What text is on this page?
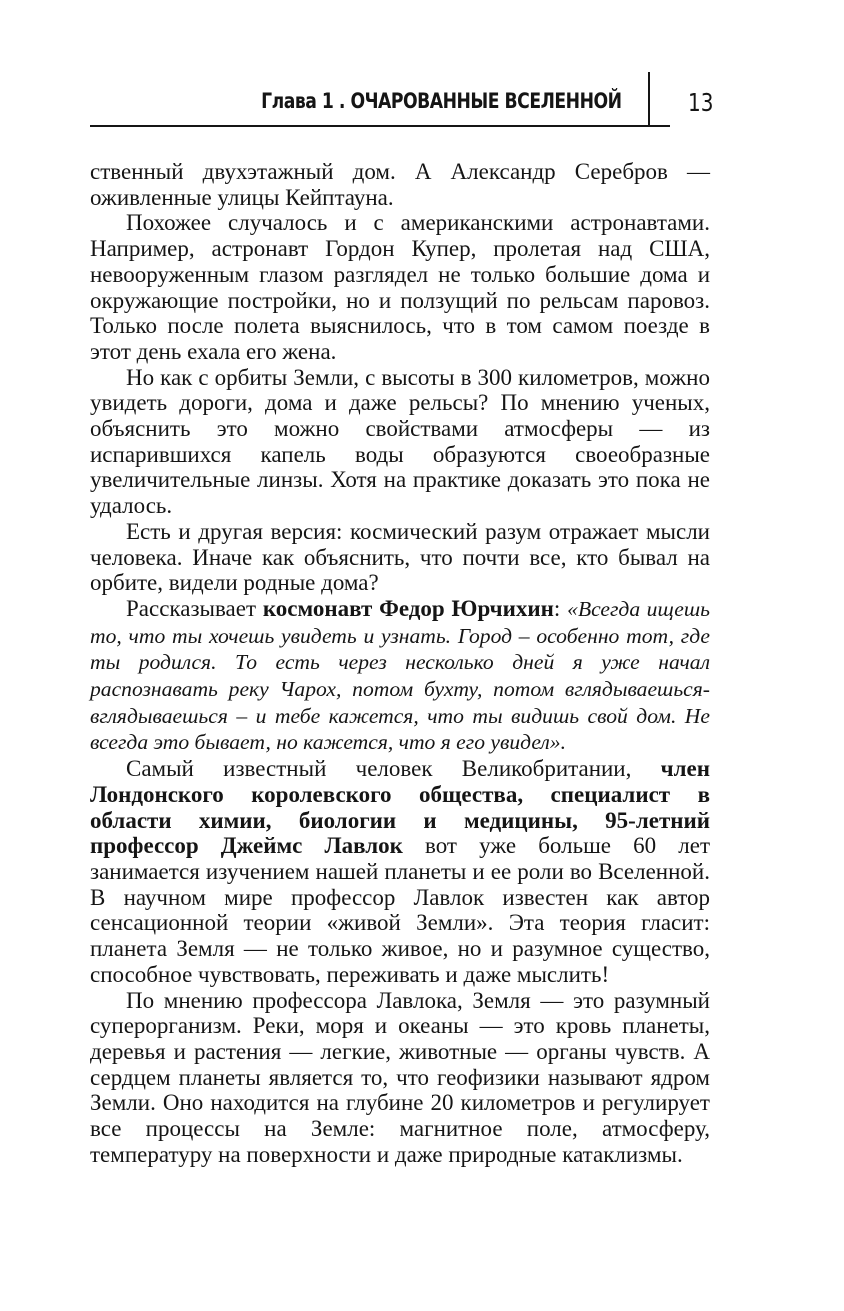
Глава 1 . ОЧАРОВАННЫЕ ВСЕЛЕННОЙ	13

ственный двухэтажный дом. А Александр Серебров — оживленные улицы Кейптауна.

Похожее случалось и с американскими астронавтами. Например, астронавт Гордон Купер, пролетая над США, невооруженным глазом разглядел не только большие дома и окружающие постройки, но и ползущий по рельсам паровоз. Только после полета выяснилось, что в том самом поезде в этот день ехала его жена.

Но как с орбиты Земли, с высоты в 300 километров, можно увидеть дороги, дома и даже рельсы? По мнению ученых, объяснить это можно свойствами атмосферы — из испарившихся капель воды образуются своеобразные увеличительные линзы. Хотя на практике доказать это пока не удалось.

Есть и другая версия: космический разум отражает мысли человека. Иначе как объяснить, что почти все, кто бывал на орбите, видели родные дома?

Рассказывает космонавт Федор Юрчихин: «Всегда ищешь то, что ты хочешь увидеть и узнать. Город – особенно тот, где ты родился. То есть через несколько дней я уже начал распознавать реку Чарох, потом бухту, потом вглядываешься-вглядываешься – и тебе кажется, что ты видишь свой дом. Не всегда это бывает, но кажется, что я его увидел».

Самый известный человек Великобритании, член Лондонского королевского общества, специалист в области химии, биологии и медицины, 95-летний профессор Джеймс Лавлок вот уже больше 60 лет занимается изучением нашей планеты и ее роли во Вселенной. В научном мире профессор Лавлок известен как автор сенсационной теории «живой Земли». Эта теория гласит: планета Земля — не только живое, но и разумное существо, способное чувствовать, переживать и даже мыслить!

По мнению профессора Лавлока, Земля — это разумный суперорганизм. Реки, моря и океаны — это кровь планеты, деревья и растения — легкие, животные — органы чувств. А сердцем планеты является то, что геофизики называют ядром Земли. Оно находится на глубине 20 километров и регулирует все процессы на Земле: магнитное поле, атмосферу, температуру на поверхности и даже природные катаклизмы.
